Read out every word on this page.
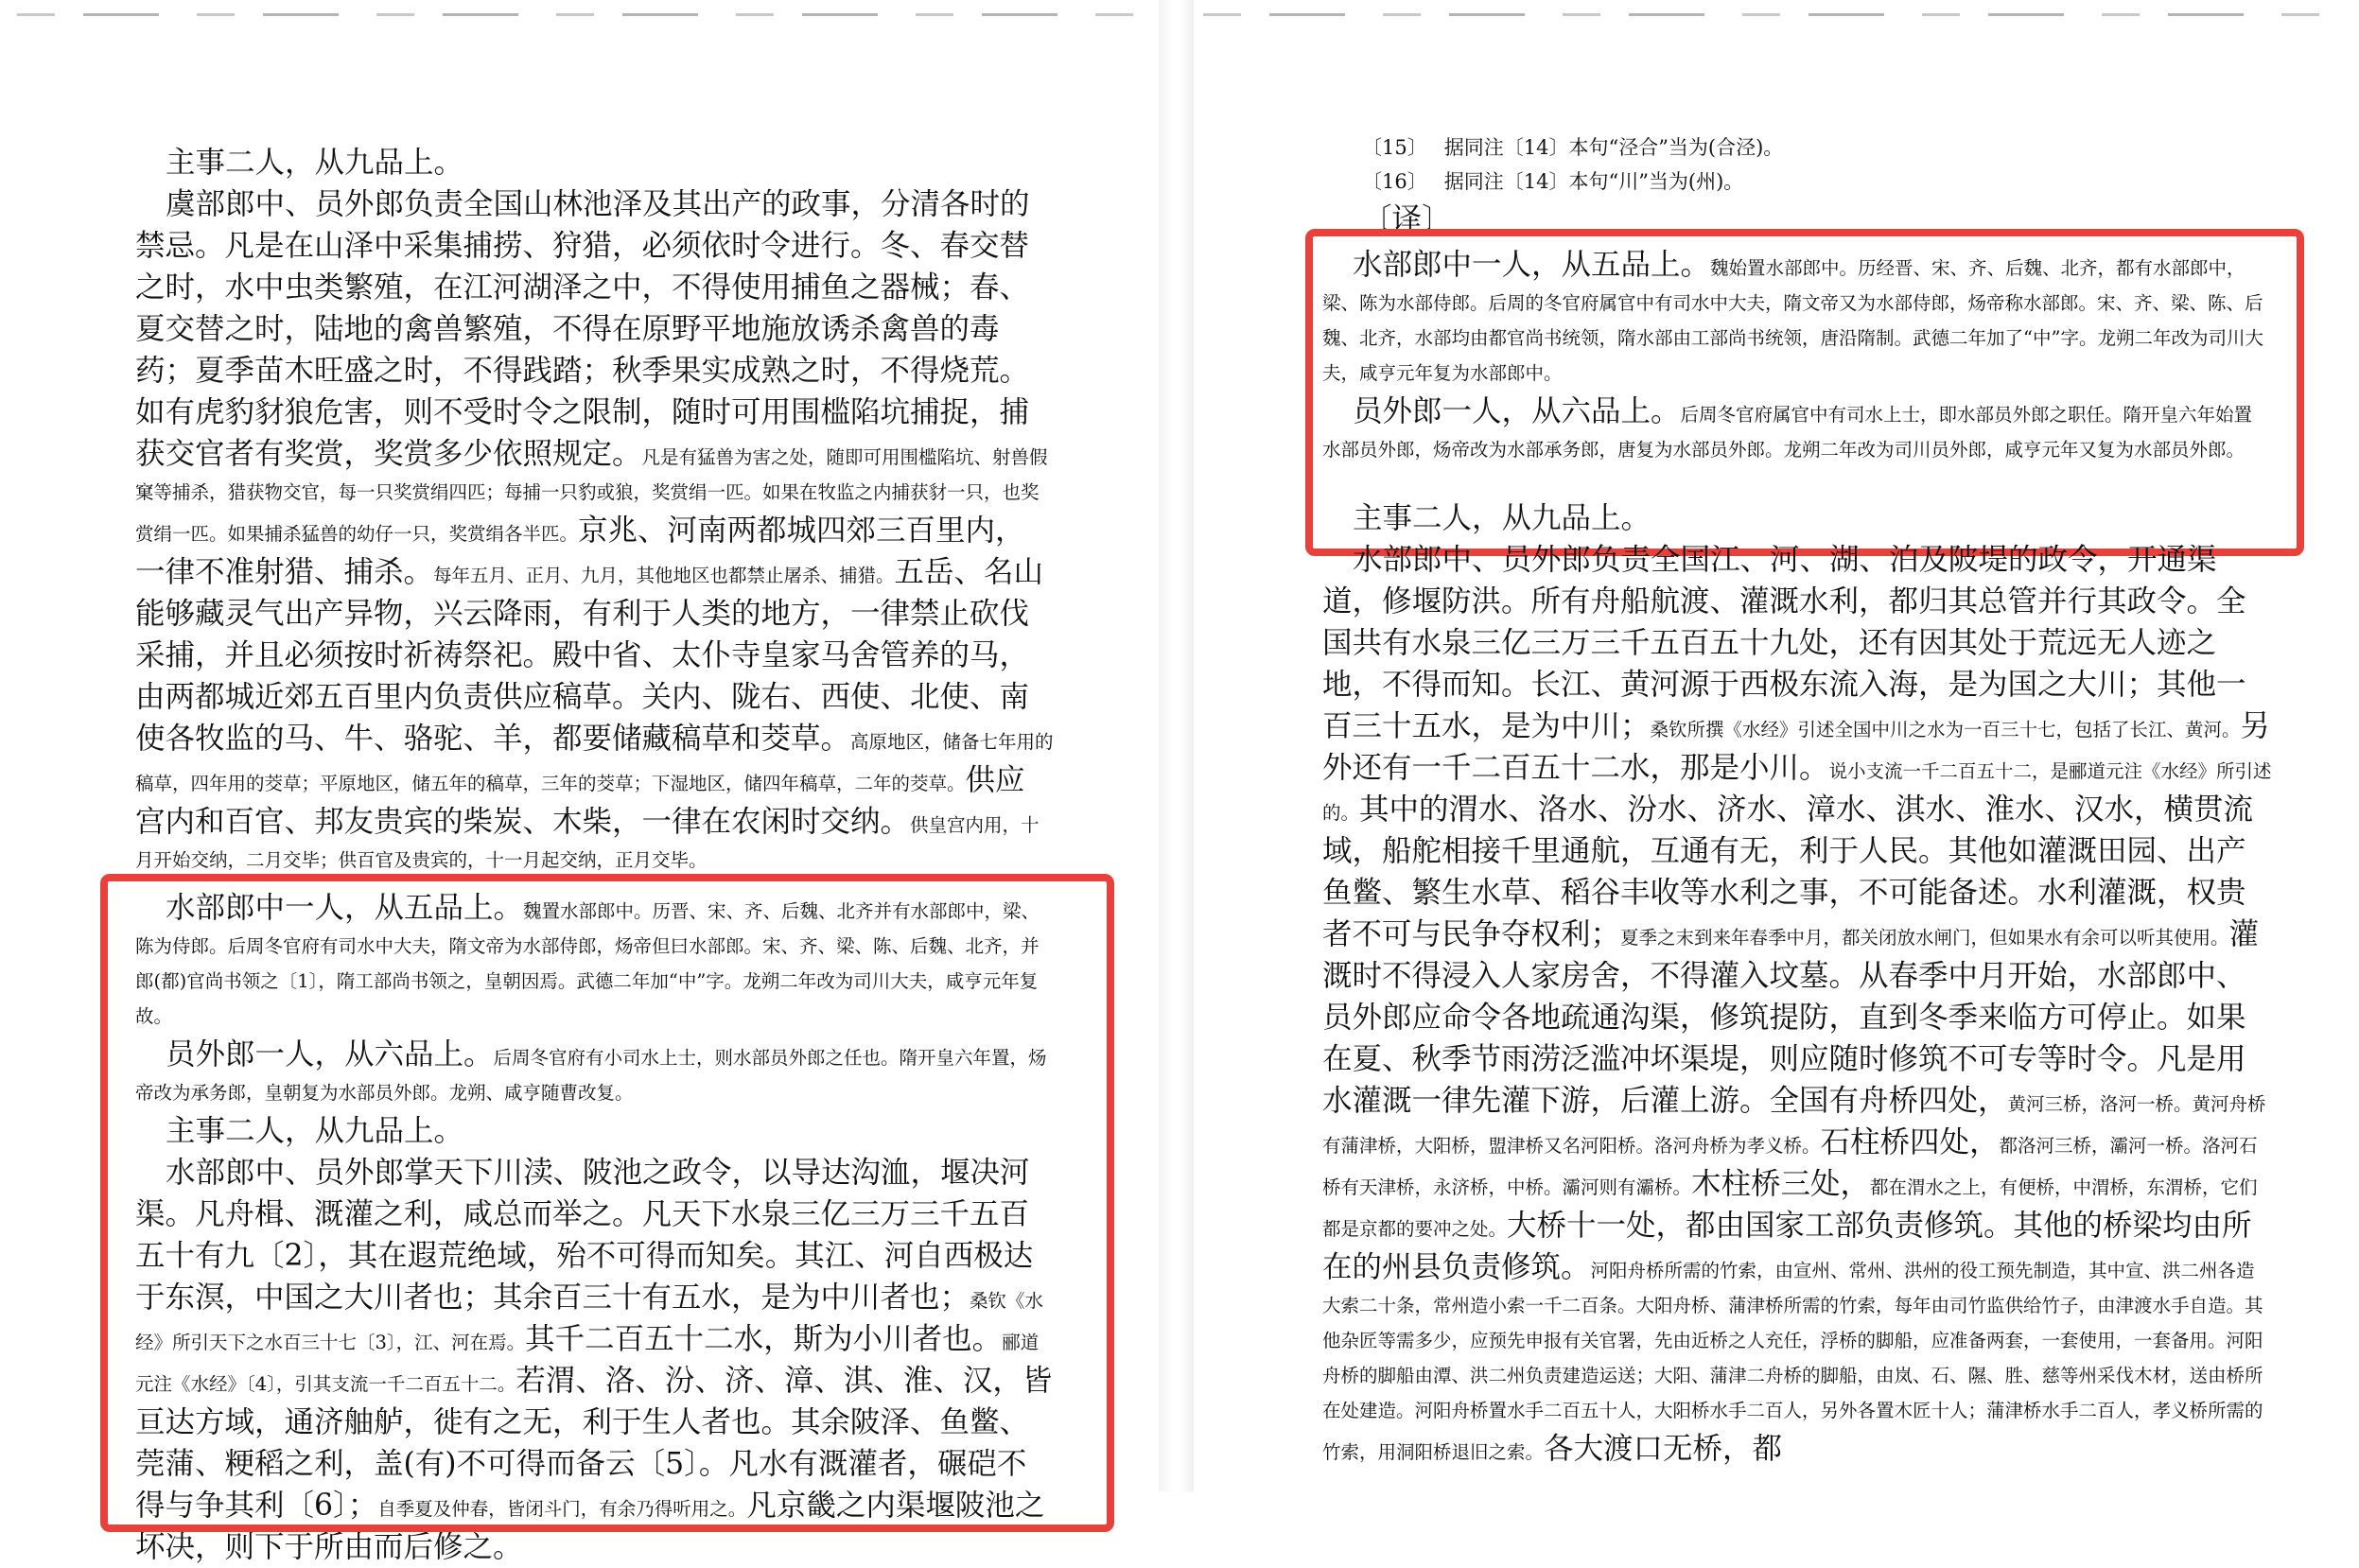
主事二人，从九品上。

虞部郎中、员外郎负责全国山林池泽及其出产的政事，分清各时的禁忌。凡是在山泽中采集捕捞、狩猎，必须依时令进行。冬、春交替之时，水中虫类繁殖，在江河湖泽之中，不得使用捕鱼之器械；春、夏交替之时，陆地的禽兽繁殖，不得在原野平地施放诱杀禽兽的毒药；夏季苗木旺盛之时，不得践踏；秋季果实成熟之时，不得烧荒。如有虎豹豺狼危害，则不受时令之限制，随时可用围槛陷坑捕捉，捕获交官者有奖赏，奖赏多少依照规定。凡是有猛兽为害之处，随即可用围槛陷坑、射兽假窠等捕杀，猎获物交官，每一只奖赏绢四匹；每捕一只豹或狼，奖赏绢一匹。如果在牧监之内捕获豺一只，也奖赏绢一匹。如果捕杀猛兽的幼仔一只，奖赏绢各半匹。京兆、河南两都城四郊三百里内，一律不准射猎、捕杀。每年五月、正月、九月，其他地区也都禁止屠杀、捕猎。五岳、名山能够藏灵气出产异物，兴云降雨，有利于人类的地方，一律禁止砍伐采捕，并且必须按时祈祷祭祀。殿中省、太仆寺皇家马舍管养的马，由两都城近郊五百里内负责供应稿草。关内、陇右、西使、北使、南使各牧监的马、牛、骆驼、羊，都要储藏稿草和茭草。高原地区，储备七年用的稿草，四年用的茭草；平原地区，储五年的稿草，三年的茭草；下湿地区，储四年稿草，二年的茭草。供应宫内和百官、邦友贵宾的柴炭、木柴，一律在农闲时交纳。供皇宫内用，十月开始交纳，二月交毕；供百官及贵宾的，十一月起交纳，正月交毕。

水部郎中一人，从五品上。魏置水部郎中。历晋、宋、齐、后魏、北齐并有水部郎中，梁、陈为侍郎。后周冬官府有司水中大夫，隋文帝为水部侍郎，炀帝但曰水部郎。宋、齐、梁、陈、后魏、北齐，并郎(都)官尚书领之〔1〕，隋工部尚书领之，皇朝因焉。武德二年加“中”字。龙朔二年改为司川大夫，咸亨元年复故。

员外郎一人，从六品上。后周冬官府有小司水上士，则水部员外郎之任也。隋开皇六年置，炀帝改为承务郎，皇朝复为水部员外郎。龙朔、咸亨随曹改复。

主事二人，从九品上。

水部郎中、员外郎掌天下川渎、陂池之政令，以导达沟洫，堰决河渠。凡舟楫、溉灌之利，咸总而举之。凡天下水泉三亿三万三千五百五十有九〔2〕，其在遐荒绝域，殆不可得而知矣。其江、河自西极达于东溟，中国之大川者也；其余百三十有五水，是为中川者也；桑钦《水经》所引天下之水百三十七〔3〕，江、河在焉。其千二百五十二水，斯为小川者也。郦道元注《水经》〔4〕，引其支流一千二百五十二。若渭、洛、汾、济、漳、淇、淮、汉，皆亘达方域，通济舳舻，徙有之无，利于生人者也。其余陂泽、鱼鳖、莞蒲、粳稻之利，盖(有)不可得而备云〔5〕。凡水有溉灌者，碾硙不得与争其利〔6〕；自季夏及仲春，皆闭斗门，有余乃得听用之。凡京畿之内渠堰陂池之坏决，则下于所由而后修之。

〔15〕 据同注〔14〕本句“泾合”当为(合泾)。

〔16〕 据同注〔14〕本句“川”当为(州)。

〔译〕

水部郎中一人，从五品上。魏始置水部郎中。历经晋、宋、齐、后魏、北齐，都有水部郎中，梁、陈为水部侍郎。后周的冬官府属官中有司水中大夫，隋文帝又为水部侍郎，炀帝称水部郎。宋、齐、梁、陈、后魏、北齐，水部均由都官尚书统领，隋水部由工部尚书统领，唐沿隋制。武德二年加了“中”字。龙朔二年改为司川大夫，咸亨元年复为水部郎中。

员外郎一人，从六品上。后周冬官府属官中有司水上士，即水部员外郎之职任。隋开皇六年始置水部员外郎，炀帝改为水部承务郎，唐复为水部员外郎。龙朔二年改为司川员外郎，咸亨元年又复为水部员外郎。

主事二人，从九品上。

水部郎中、员外郎负责全国江、河、湖、泊及陂堤的政令，开通渠道，修堰防洪。所有舟船航渡、灌溉水利，都归其总管并行其政令。全国共有水泉三亿三万三千五百五十九处，还有因其处于荒远无人迹之地，不得而知。长江、黄河源于西极东流入海，是为国之大川；其他一百三十五水，是为中川；桑钦所撰《水经》引述全国中川之水为一百三十七，包括了长江、黄河。另外还有一千二百五十二水，那是小川。说小支流一千二百五十二，是郦道元注《水经》所引述的。其中的渭水、洛水、汾水、济水、漳水、淇水、淮水、汉水，横贯流域，船舵相接千里通航，互通有无，利于人民。其他如灌溉田园、出产鱼鳖、繁生水草、稻谷丰收等水利之事，不可能备述。水利灌溉，权贵者不可与民争夺权利；夏季之末到来年春季中月，都关闭放水闸门，但如果水有余可以听其使用。灌溉时不得浸入人家房舍，不得灌入坟墓。从春季中月开始，水部郎中、员外郎应命令各地疏通沟渠，修筑提防，直到冬季来临方可停止。如果在夏、秋季节雨涝泛滥冲坏渠堤，则应随时修筑不可专等时令。凡是用水灌溉一律先灌下游，后灌上游。全国有舟桥四处，黄河三桥，洛河一桥。黄河舟桥有蒲津桥，大阳桥，盟津桥又名河阳桥。洛河舟桥为孝义桥。石柱桥四处，都洛河三桥，灞河一桥。洛河石桥有天津桥，永济桥，中桥。灞河则有灞桥。木柱桥三处，都在渭水之上，有便桥，中渭桥，东渭桥，它们都是京都的要冲之处。大桥十一处，都由国家工部负责修筑。其他的桥梁均由所在的州县负责修筑。河阳舟桥所需的竹索，由宣州、常州、洪州的役工预先制造，其中宣、洪二州各造大索二十条，常州造小索一千二百条。大阳舟桥、蒲津桥所需的竹索，每年由司竹监供给竹子，由津渡水手自造。其他杂匠等需多少，应预先申报有关官署，先由近桥之人充任，浮桥的脚船，应准备两套，一套使用，一套备用。河阳舟桥的脚船由潭、洪二州负责建造运送；大阳、蒲津二舟桥的脚船，由岚、石、隰、胜、慈等州采伐木材，送由桥所在处建造。河阳舟桥置水手二百五十人，大阳桥水手二百人，另外各置木匠十人；蒲津桥水手二百人，孝义桥所需的竹索，用洞阳桥退旧之索。各大渡口无桥，都
